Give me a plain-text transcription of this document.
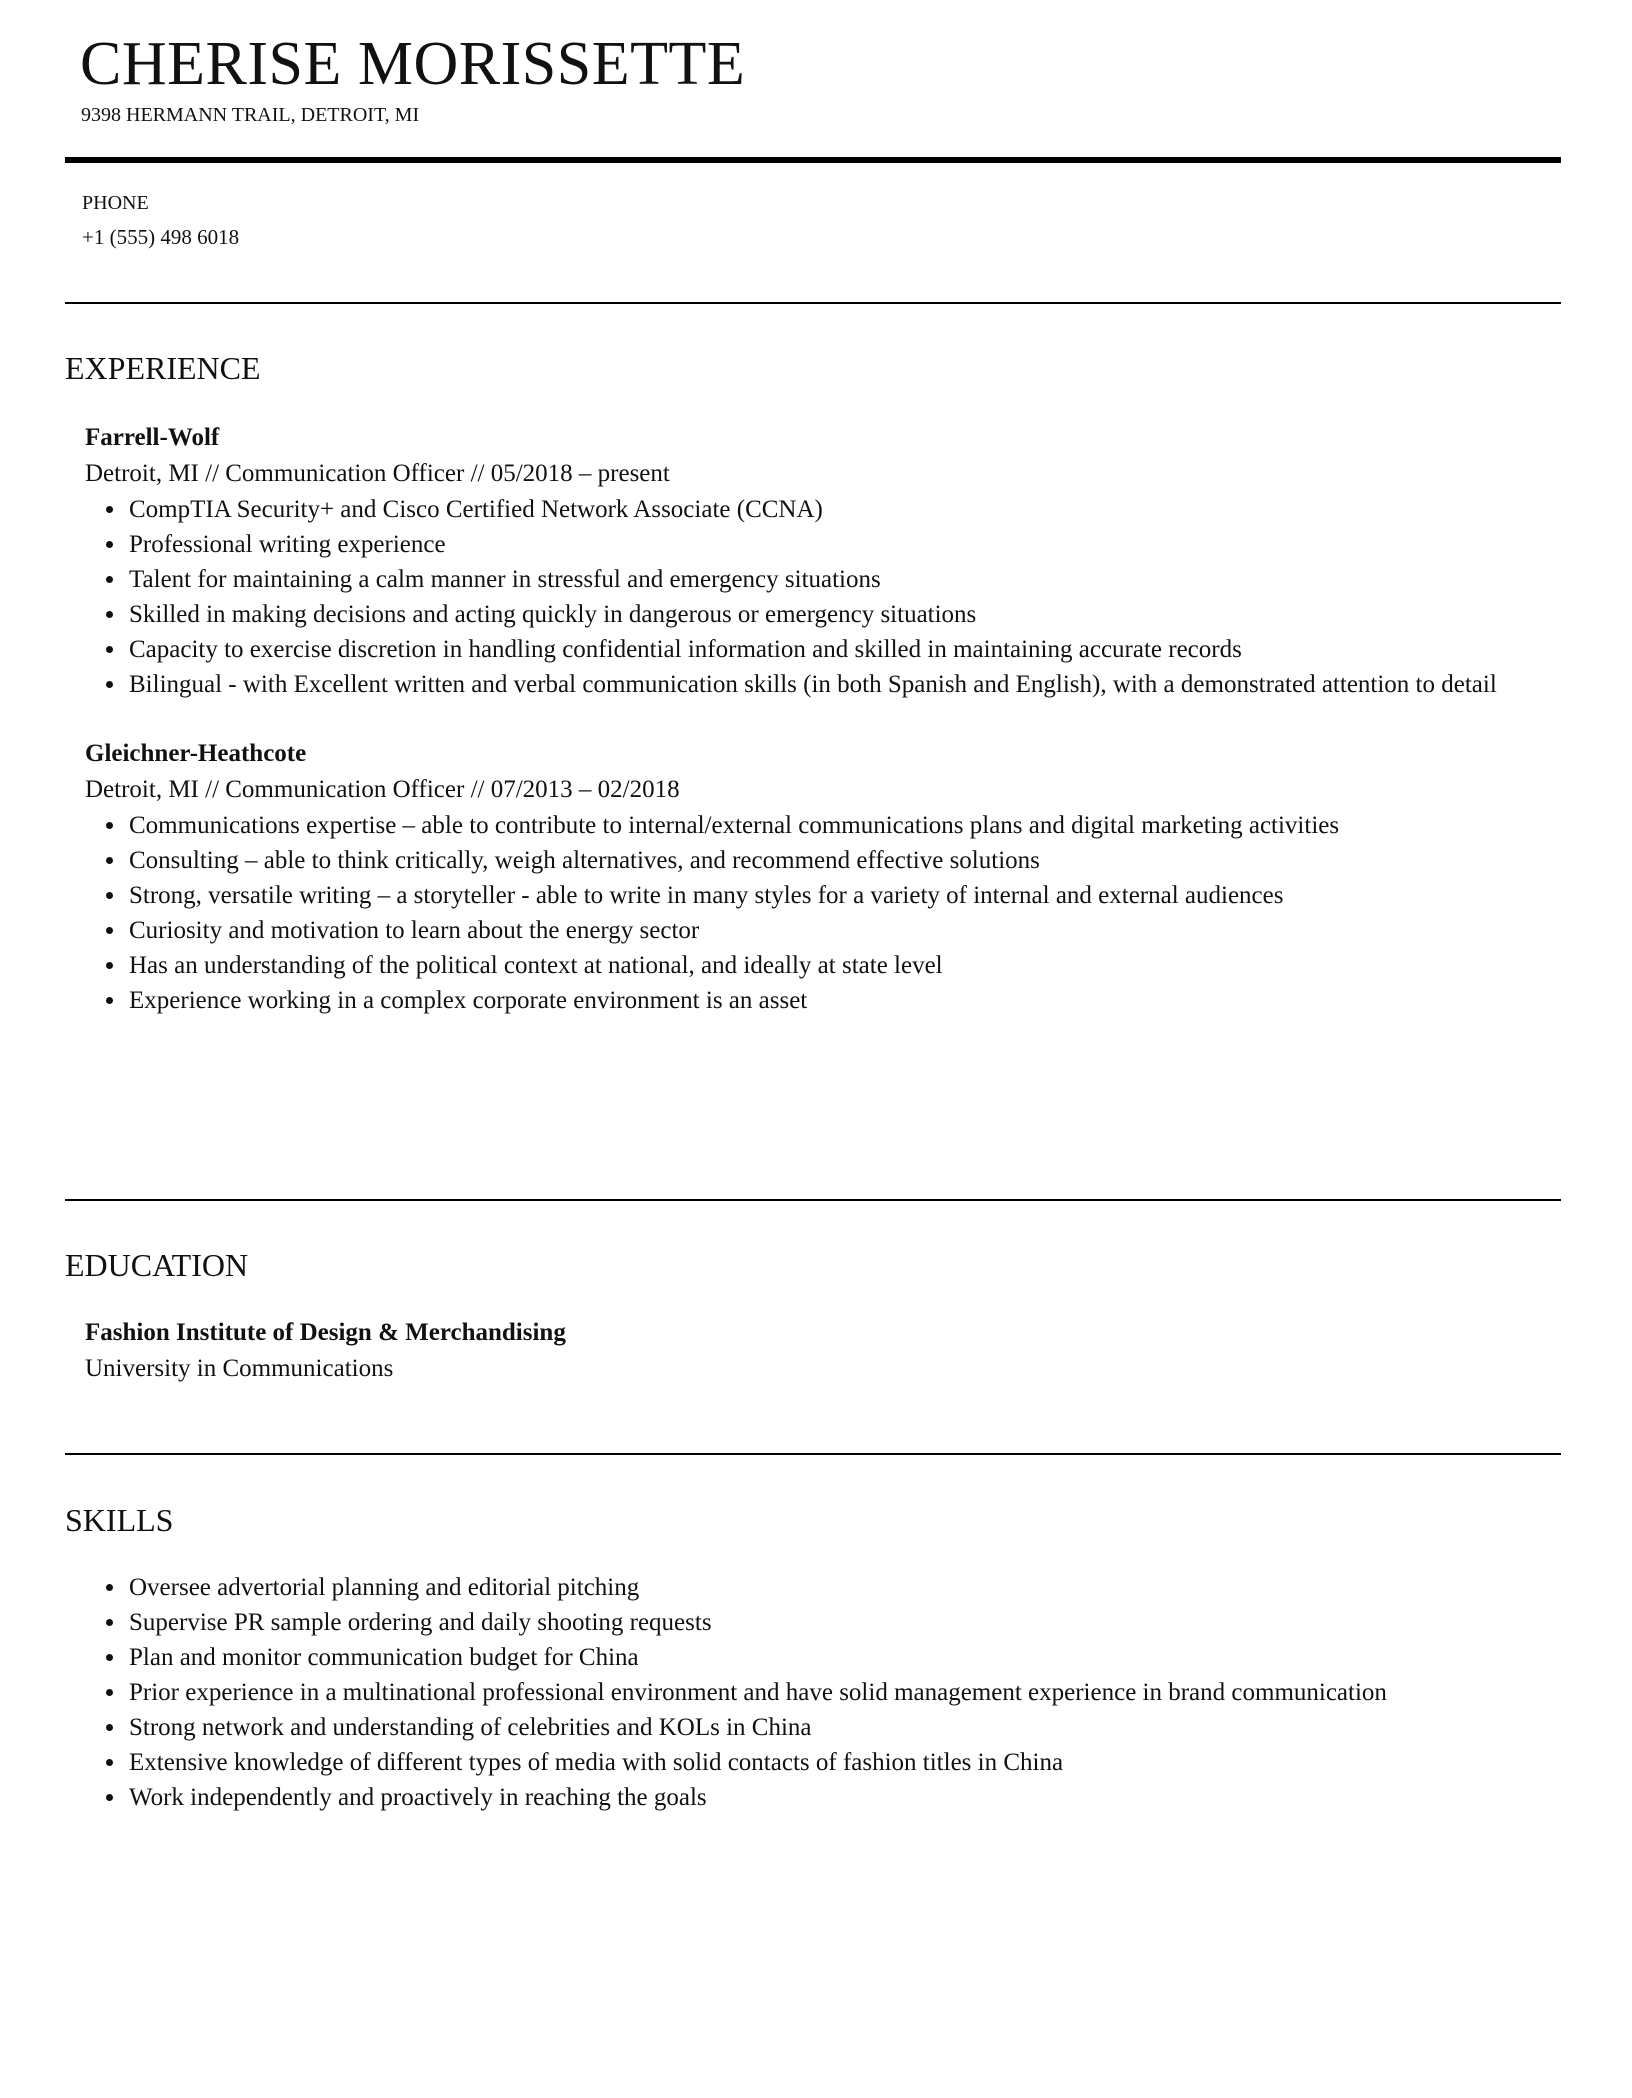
CHERISE MORISSETTE
9398 HERMANN TRAIL, DETROIT, MI
PHONE
+1 (555) 498 6018
EXPERIENCE
Farrell-Wolf
Detroit, MI // Communication Officer // 05/2018 – present
• CompTIA Security+ and Cisco Certified Network Associate (CCNA)
• Professional writing experience
• Talent for maintaining a calm manner in stressful and emergency situations
• Skilled in making decisions and acting quickly in dangerous or emergency situations
• Capacity to exercise discretion in handling confidential information and skilled in maintaining accurate records
• Bilingual - with Excellent written and verbal communication skills (in both Spanish and English), with a demonstrated attention to detail
Gleichner-Heathcote
Detroit, MI // Communication Officer // 07/2013 – 02/2018
• Communications expertise – able to contribute to internal/external communications plans and digital marketing activities
• Consulting – able to think critically, weigh alternatives, and recommend effective solutions
• Strong, versatile writing – a storyteller - able to write in many styles for a variety of internal and external audiences
• Curiosity and motivation to learn about the energy sector
• Has an understanding of the political context at national, and ideally at state level
• Experience working in a complex corporate environment is an asset
EDUCATION
Fashion Institute of Design & Merchandising
University in Communications
SKILLS
• Oversee advertorial planning and editorial pitching
• Supervise PR sample ordering and daily shooting requests
• Plan and monitor communication budget for China
• Prior experience in a multinational professional environment and have solid management experience in brand communication
• Strong network and understanding of celebrities and KOLs in China
• Extensive knowledge of different types of media with solid contacts of fashion titles in China
• Work independently and proactively in reaching the goals
